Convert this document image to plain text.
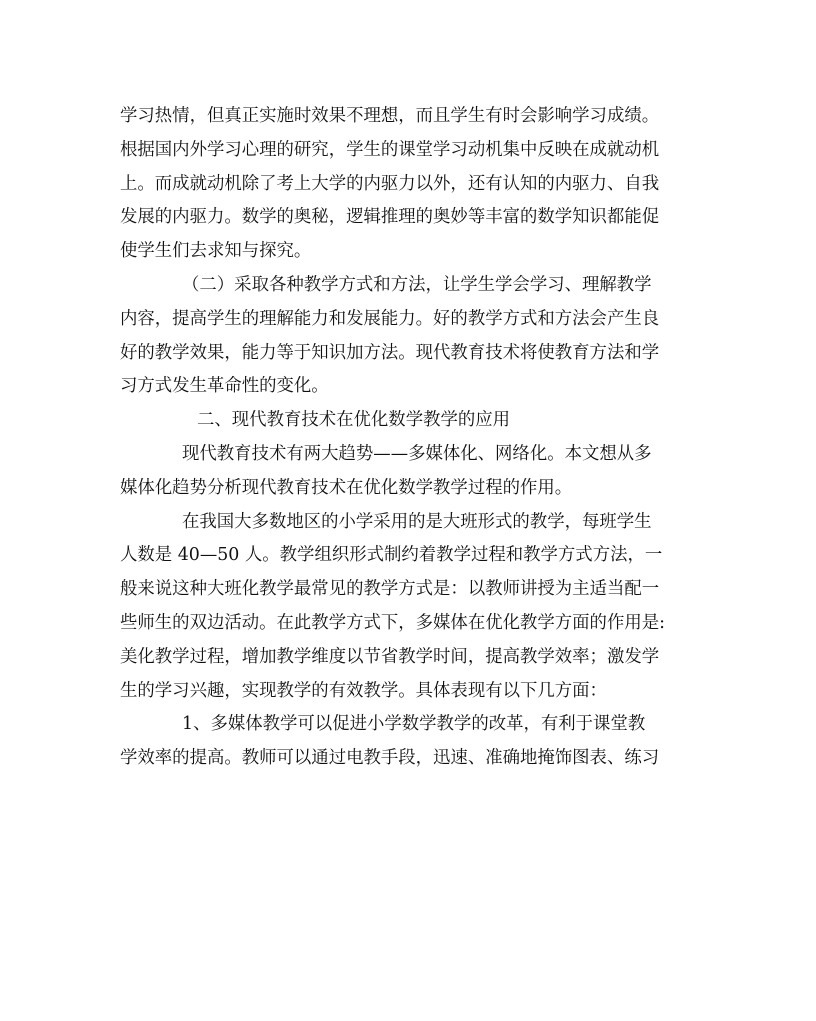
学习热情，但真正实施时效果不理想，而且学生有时会影响学习成绩。
根据国内外学习心理的研究，学生的课堂学习动机集中反映在成就动机
上。而成就动机除了考上大学的内驱力以外，还有认知的内驱力、自我
发展的内驱力。数学的奥秘，逻辑推理的奥妙等丰富的数学知识都能促
使学生们去求知与探究。
（二）采取各种教学方式和方法，让学生学会学习、理解教学
内容，提高学生的理解能力和发展能力。好的教学方式和方法会产生良
好的教学效果，能力等于知识加方法。现代教育技术将使教育方法和学
习方式发生革命性的变化。
二、现代教育技术在优化数学教学的应用
现代教育技术有两大趋势——多媒体化、网络化。本文想从多
媒体化趋势分析现代教育技术在优化数学教学过程的作用。
在我国大多数地区的小学采用的是大班形式的教学，每班学生
人数是 40—50 人。教学组织形式制约着教学过程和教学方式方法，一
般来说这种大班化教学最常见的教学方式是：以教师讲授为主适当配一
些师生的双边活动。在此教学方式下，多媒体在优化教学方面的作用是:
美化教学过程，增加教学维度以节省教学时间，提高教学效率；激发学
生的学习兴趣，实现教学的有效教学。具体表现有以下几方面：
1、多媒体教学可以促进小学数学教学的改革，有利于课堂教
学效率的提高。教师可以通过电教手段，迅速、准确地掩饰图表、练习
